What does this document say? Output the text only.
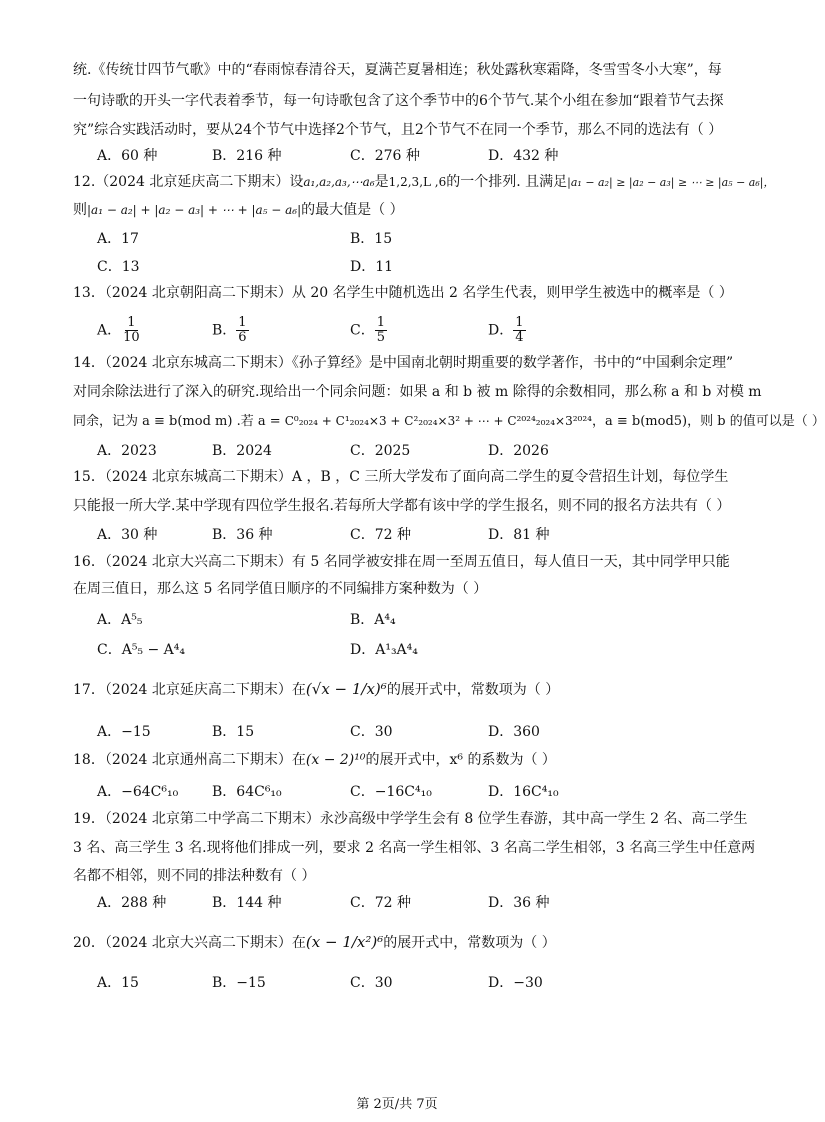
统.《传统廿四节气歌》中的“春雨惊春清谷天，夏满芒夏暑相连；秋处露秋寒霜降，冬雪雪冬小大寒”，每
一句诗歌的开头一字代表着季节，每一句诗歌包含了这个季节中的6个节气.某个小组在参加“跟着节气去探
究”综合实践活动时，要从24个节气中选择2个节气，且2个节气不在同一个季节，那么不同的选法有（ ）
A．60 种	B．216 种	C．276 种	D．432 种
12.（2024 北京延庆高二下期末）设a₁,a₂,a₃,⋯a₆是1,2,3,L ,6的一个排列. 且满足|a₁ − a₂| ≥ |a₂ − a₃| ≥ ⋯ ≥ |a₅ − a₆|，
则|a₁ − a₂| + |a₂ − a₃| + ⋯ + |a₅ − a₆|的最大值是（ ）
A．17	B．15
C．13	D．11
13．（2024 北京朝阳高二下期末）从 20 名学生中随机选出 2 名学生代表，则甲学生被选中的概率是（ ）
A． $\frac{1}{10}$	B． $\frac{1}{6}$	C． $\frac{1}{5}$	D． $\frac{1}{4}$
14．（2024 北京东城高二下期末）《孙子算经》是中国南北朝时期重要的数学著作，书中的“中国剩余定理”
对同余除法进行了深入的研究.现给出一个同余问题：如果 a 和 b 被 m 除得的余数相同，那么称 a 和 b 对模 m
同余，记为 a ≡ b(mod m) .若 a = C⁰₂₀₂₄ + C¹₂₀₂₄×3 + C²₂₀₂₄×3² + ⋯ + C²⁰²⁴₂₀₂₄×3²⁰²⁴，a ≡ b(mod5)，则 b 的值可以是（ ）
A．2023	B．2024	C．2025	D．2026
15．（2024 北京东城高二下期末）A ，B ，C 三所大学发布了面向高二学生的夏令营招生计划，每位学生
只能报一所大学.某中学现有四位学生报名.若每所大学都有该中学的学生报名，则不同的报名方法共有（ ）
A．30 种	B．36 种	C．72 种	D．81 种
16．（2024 北京大兴高二下期末）有 5 名同学被安排在周一至周五值日，每人值日一天，其中同学甲只能
在周三值日，那么这 5 名同学值日顺序的不同编排方案种数为（ ）
A．A⁵₅	B．A⁴₄
C．A⁵₅ − A⁴₄	D．A¹₃A⁴₄
17．（2024 北京延庆高二下期末）在(√x − 1/x)⁶的展开式中，常数项为（ ）
A．−15	B．15	C．30	D．360
18．（2024 北京通州高二下期末）在(x − 2)¹⁰的展开式中，x⁶ 的系数为（ ）
A．−64C⁶₁₀ B．64C⁶₁₀	C．−16C⁴₁₀	D．16C⁴₁₀
19．（2024 北京第二中学高二下期末）永沙高级中学学生会有 8 位学生春游，其中高一学生 2 名、高二学生
3 名、高三学生 3 名.现将他们排成一列，要求 2 名高一学生相邻、3 名高二学生相邻，3 名高三学生中任意两
名都不相邻，则不同的排法种数有（ ）
A．288 种	B．144 种	C．72 种	D．36 种
20．（2024 北京大兴高二下期末）在(x − 1/x²)⁶的展开式中，常数项为（ ）
A．15	B．−15	C．30	D．−30
第 2页/共 7页
